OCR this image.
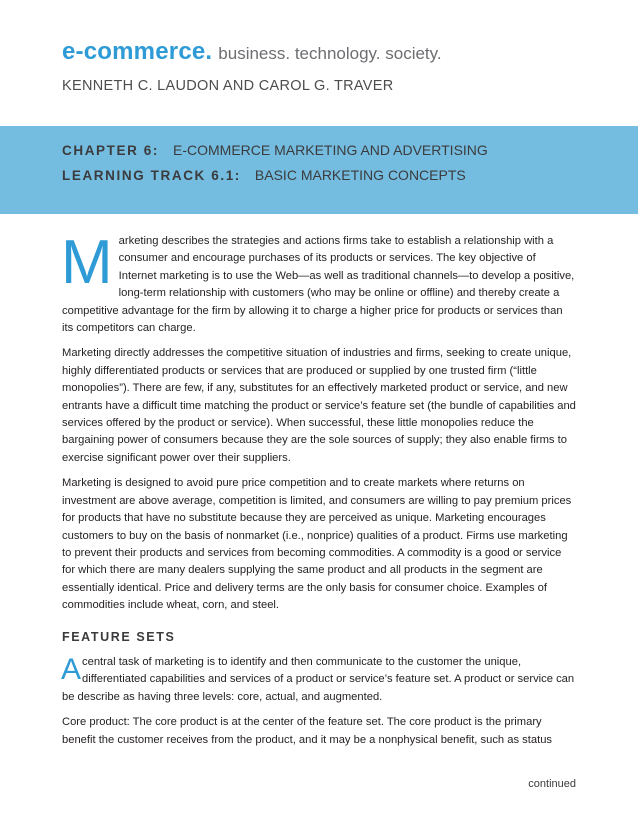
e-commerce. business. technology. society.
KENNETH C. LAUDON AND CAROL G. TRAVER
CHAPTER 6: E-COMMERCE MARKETING AND ADVERTISING
LEARNING TRACK 6.1: BASIC MARKETING CONCEPTS

Marketing describes the strategies and actions firms take to establish a relationship with a consumer and encourage purchases of its products or services. The key objective of Internet marketing is to use the Web—as well as traditional channels—to develop a positive, long-term relationship with customers (who may be online or offline) and thereby create a competitive advantage for the firm by allowing it to charge a higher price for products or services than its competitors can charge.

Marketing directly addresses the competitive situation of industries and firms, seeking to create unique, highly differentiated products or services that are produced or supplied by one trusted firm (“little monopolies”). There are few, if any, substitutes for an effectively marketed product or service, and new entrants have a difficult time matching the product or service’s feature set (the bundle of capabilities and services offered by the product or service). When successful, these little monopolies reduce the bargaining power of consumers because they are the sole sources of supply; they also enable firms to exercise significant power over their suppliers.

Marketing is designed to avoid pure price competition and to create markets where returns on investment are above average, competition is limited, and consumers are willing to pay premium prices for products that have no substitute because they are perceived as unique. Marketing encourages customers to buy on the basis of nonmarket (i.e., nonprice) qualities of a product. Firms use marketing to prevent their products and services from becoming commodities. A commodity is a good or service for which there are many dealers supplying the same product and all products in the segment are essentially identical. Price and delivery terms are the only basis for consumer choice. Examples of commodities include wheat, corn, and steel.

FEATURE SETS

Acentral task of marketing is to identify and then communicate to the customer the unique, differentiated capabilities and services of a product or service’s feature set. A product or service can be describe as having three levels: core, actual, and augmented.

Core product: The core product is at the center of the feature set. The core product is the primary benefit the customer receives from the product, and it may be a nonphysical benefit, such as status

continued
